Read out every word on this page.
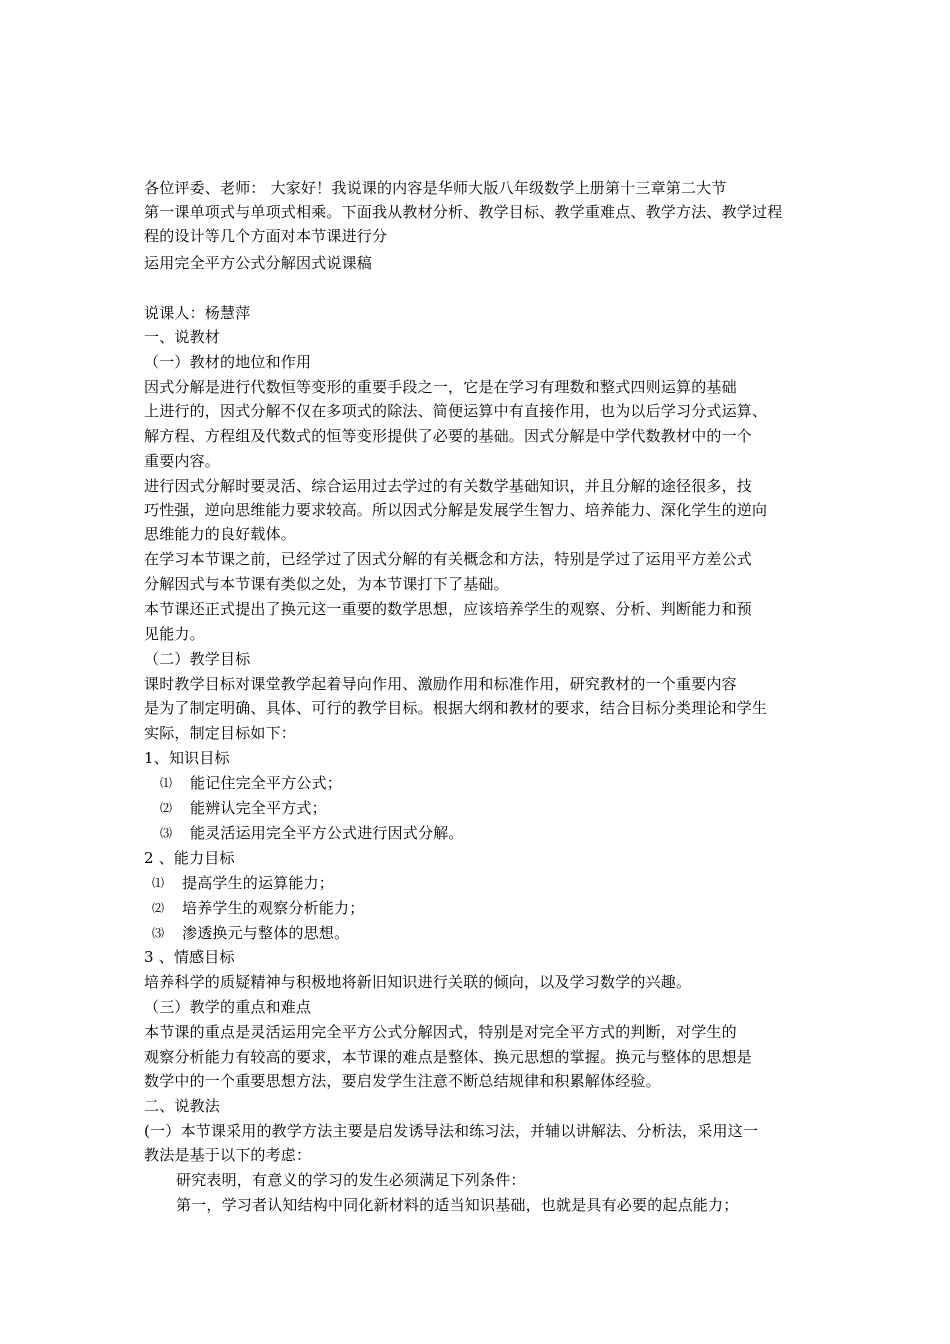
各位评委、老师： 大家好！我说课的内容是华师大版八年级数学上册第十三章第二大节
第一课单项式与单项式相乘。下面我从教材分析、教学目标、教学重难点、教学方法、教学过程
程的设计等几个方面对本节课进行分
运用完全平方公式分解因式说课稿
说课人：杨慧萍
一、说教材
（一）教材的地位和作用
因式分解是进行代数恒等变形的重要手段之一，它是在学习有理数和整式四则运算的基础
上进行的，因式分解不仅在多项式的除法、简便运算中有直接作用，也为以后学习分式运算、
解方程、方程组及代数式的恒等变形提供了必要的基础。因式分解是中学代数教材中的一个
重要内容。
进行因式分解时要灵活、综合运用过去学过的有关数学基础知识，并且分解的途径很多，技
巧性强，逆向思维能力要求较高。所以因式分解是发展学生智力、培养能力、深化学生的逆向
思维能力的良好载体。
在学习本节课之前，已经学过了因式分解的有关概念和方法，特别是学过了运用平方差公式
分解因式与本节课有类似之处，为本节课打下了基础。
本节课还正式提出了换元这一重要的数学思想，应该培养学生的观察、分析、判断能力和预
见能力。
（二）教学目标
课时教学目标对课堂教学起着导向作用、激励作用和标准作用，研究教材的一个重要内容
是为了制定明确、具体、可行的教学目标。根据大纲和教材的要求，结合目标分类理论和学生
实际，制定目标如下：
1、知识目标
⑴ 能记住完全平方公式；
⑵ 能辨认完全平方式；
⑶ 能灵活运用完全平方公式进行因式分解。
2 、能力目标
⑴ 提高学生的运算能力；
⑵ 培养学生的观察分析能力；
⑶ 渗透换元与整体的思想。
3 、情感目标
培养科学的质疑精神与积极地将新旧知识进行关联的倾向，以及学习数学的兴趣。
（三）教学的重点和难点
本节课的重点是灵活运用完全平方公式分解因式，特别是对完全平方式的判断，对学生的
观察分析能力有较高的要求，本节课的难点是整体、换元思想的掌握。换元与整体的思想是
数学中的一个重要思想方法，要启发学生注意不断总结规律和积累解体经验。
二、说教法
(一）本节课采用的教学方法主要是启发诱导法和练习法，并辅以讲解法、分析法，采用这一
教法是基于以下的考虑：
研究表明，有意义的学习的发生必须满足下列条件：
第一，学习者认知结构中同化新材料的适当知识基础，也就是具有必要的起点能力；
